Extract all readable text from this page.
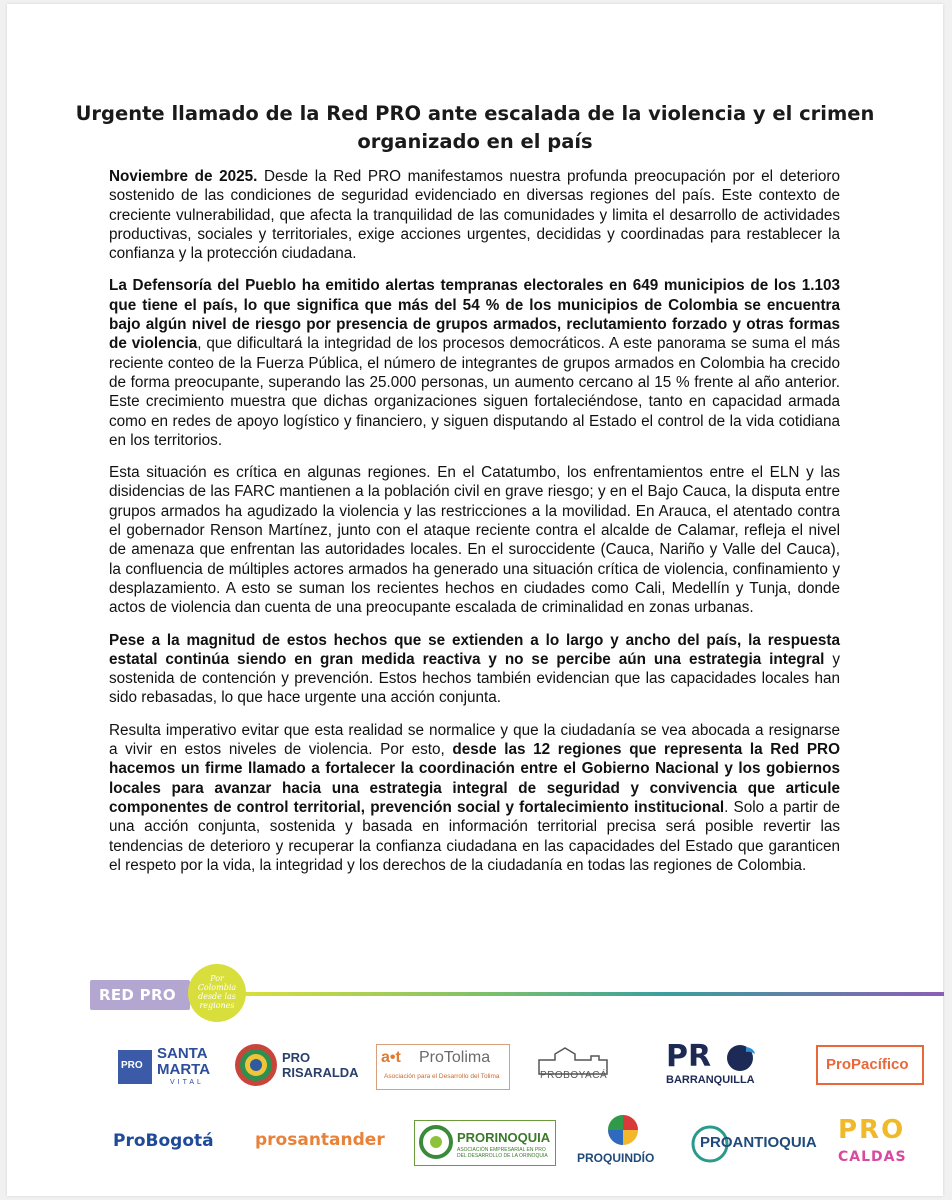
Urgente llamado de la Red PRO ante escalada de la violencia y el crimen organizado en el país

Noviembre de 2025. Desde la Red PRO manifestamos nuestra profunda preocupación por el deterioro sostenido de las condiciones de seguridad evidenciado en diversas regiones del país. Este contexto de creciente vulnerabilidad, que afecta la tranquilidad de las comunidades y limita el desarrollo de actividades productivas, sociales y territoriales, exige acciones urgentes, decididas y coordinadas para restablecer la confianza y la protección ciudadana.

La Defensoría del Pueblo ha emitido alertas tempranas electorales en 649 municipios de los 1.103 que tiene el país, lo que significa que más del 54 % de los municipios de Colombia se encuentra bajo algún nivel de riesgo por presencia de grupos armados, reclutamiento forzado y otras formas de violencia, que dificultará la integridad de los procesos democráticos. A este panorama se suma el más reciente conteo de la Fuerza Pública, el número de integrantes de grupos armados en Colombia ha crecido de forma preocupante, superando las 25.000 personas, un aumento cercano al 15 % frente al año anterior. Este crecimiento muestra que dichas organizaciones siguen fortaleciéndose, tanto en capacidad armada como en redes de apoyo logístico y financiero, y siguen disputando al Estado el control de la vida cotidiana en los territorios.

Esta situación es crítica en algunas regiones. En el Catatumbo, los enfrentamientos entre el ELN y las disidencias de las FARC mantienen a la población civil en grave riesgo; y en el Bajo Cauca, la disputa entre grupos armados ha agudizado la violencia y las restricciones a la movilidad. En Arauca, el atentado contra el gobernador Renson Martínez, junto con el ataque reciente contra el alcalde de Calamar, refleja el nivel de amenaza que enfrentan las autoridades locales. En el suroccidente (Cauca, Nariño y Valle del Cauca), la confluencia de múltiples actores armados ha generado una situación crítica de violencia, confinamiento y desplazamiento. A esto se suman los recientes hechos en ciudades como Cali, Medellín y Tunja, donde actos de violencia dan cuenta de una preocupante escalada de criminalidad en zonas urbanas.

Pese a la magnitud de estos hechos que se extienden a lo largo y ancho del país, la respuesta estatal continúa siendo en gran medida reactiva y no se percibe aún una estrategia integral y sostenida de contención y prevención. Estos hechos también evidencian que las capacidades locales han sido rebasadas, lo que hace urgente una acción conjunta.

Resulta imperativo evitar que esta realidad se normalice y que la ciudadanía se vea abocada a resignarse a vivir en estos niveles de violencia. Por esto, desde las 12 regiones que representa la Red PRO hacemos un firme llamado a fortalecer la coordinación entre el Gobierno Nacional y los gobiernos locales para avanzar hacia una estrategia integral de seguridad y convivencia que articule componentes de control territorial, prevención social y fortalecimiento institucional. Solo a partir de una acción conjunta, sostenida y basada en información territorial precisa será posible revertir las tendencias de deterioro y recuperar la confianza ciudadana en las capacidades del Estado que garanticen el respeto por la vida, la integridad y los derechos de la ciudadanía en todas las regiones de Colombia.

RED PRO
Por Colombia desde las regiones
PRO
SANTA
MARTA
VITAL
PRO
RISARALDA
a•t ProTolima
Asociación para el Desarrollo del Tolima	PROBOYACÁ
PR
BARRANQUILLA
ProPacífico
ProBogotá prosantander	PRORINOQUIA
ASOCIACIÓN EMPRESARIAL EN PRO DEL DESARROLLO DE LA ORINOQUIA	PROQUINDÍO
PROANTIOQUIA PRO
CALDAS
